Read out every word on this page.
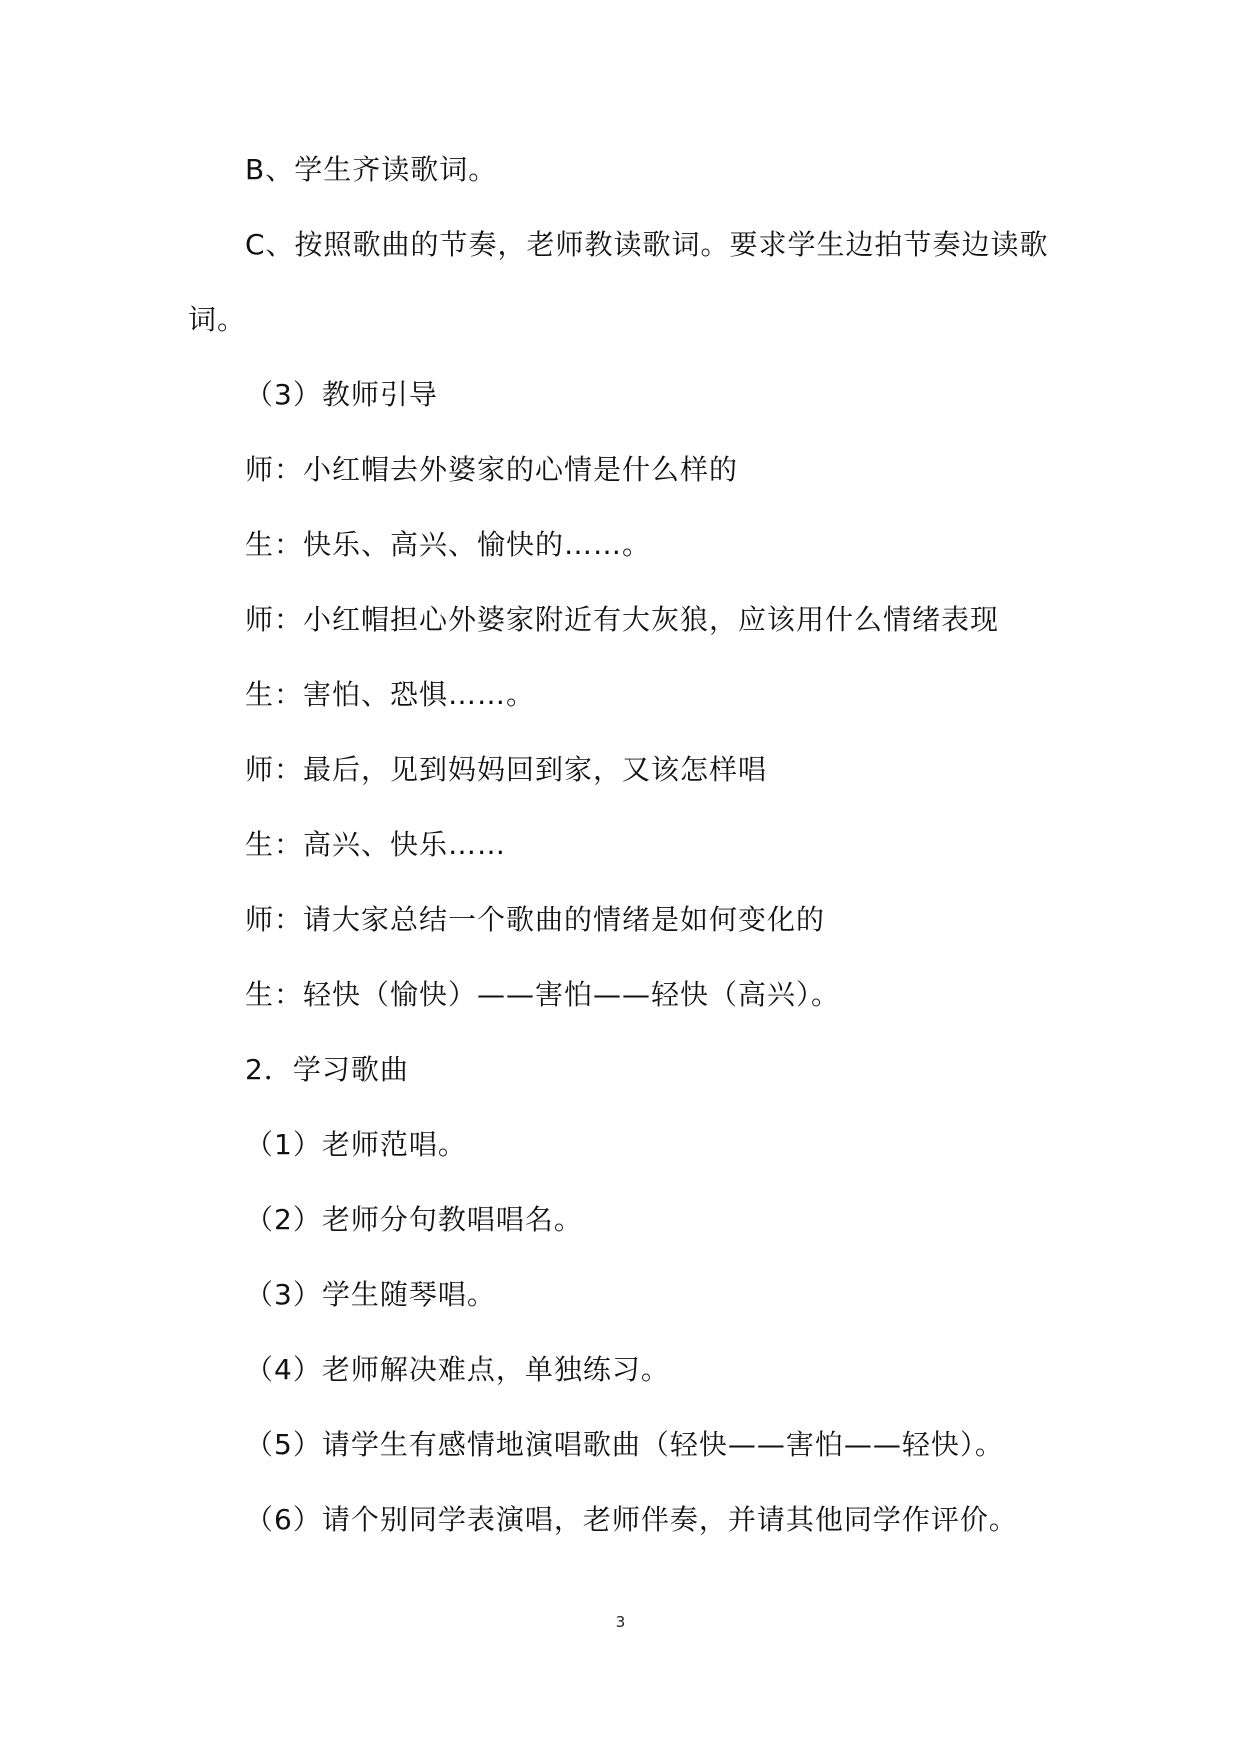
B、学生齐读歌词。
C、按照歌曲的节奏，老师教读歌词。要求学生边拍节奏边读歌
词。
（3）教师引导
师：小红帽去外婆家的心情是什么样的
生：快乐、高兴、愉快的……。
师：小红帽担心外婆家附近有大灰狼，应该用什么情绪表现
生：害怕、恐惧……。
师：最后，见到妈妈回到家，又该怎样唱
生：高兴、快乐……
师：请大家总结一个歌曲的情绪是如何变化的
生：轻快（愉快）——害怕——轻快（高兴）。
2．学习歌曲
（1）老师范唱。
（2）老师分句教唱唱名。
（3）学生随琴唱。
（4）老师解决难点，单独练习。
（5）请学生有感情地演唱歌曲（轻快——害怕——轻快）。
（6）请个别同学表演唱，老师伴奏，并请其他同学作评价。
3
